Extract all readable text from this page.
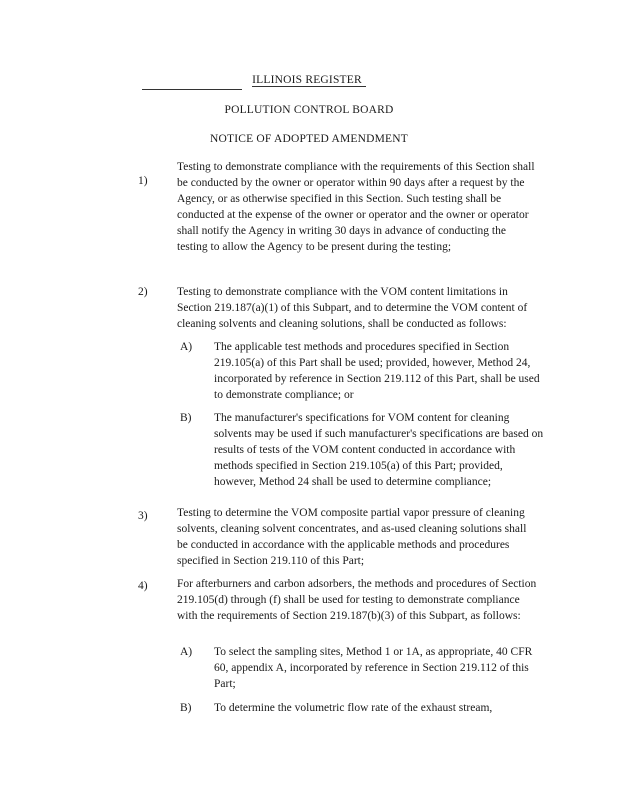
ILLINOIS REGISTER
POLLUTION CONTROL BOARD
NOTICE OF ADOPTED AMENDMENT
1)
Testing to demonstrate compliance with the requirements of this Section shall be conducted by the owner or operator within 90 days after a request by the Agency, or as otherwise specified in this Section. Such testing shall be conducted at the expense of the owner or operator and the owner or operator shall notify the Agency in writing 30 days in advance of conducting the testing to allow the Agency to be present during the testing;
2)	Testing to demonstrate compliance with the VOM content limitations in Section 219.187(a)(1) of this Subpart, and to determine the VOM content of cleaning solvents and cleaning solutions, shall be conducted as follows:
A)	The applicable test methods and procedures specified in Section 219.105(a) of this Part shall be used; provided, however, Method 24, incorporated by reference in Section 219.112 of this Part, shall be used to demonstrate compliance; or
B)	The manufacturer's specifications for VOM content for cleaning solvents may be used if such manufacturer's specifications are based on results of tests of the VOM content conducted in accordance with methods specified in Section 219.105(a) of this Part; provided, however, Method 24 shall be used to determine compliance;
3)	Testing to determine the VOM composite partial vapor pressure of cleaning solvents, cleaning solvent concentrates, and as-used cleaning solutions shall be conducted in accordance with the applicable methods and procedures specified in Section 219.110 of this Part;
4)	For afterburners and carbon adsorbers, the methods and procedures of Section 219.105(d) through (f) shall be used for testing to demonstrate compliance with the requirements of Section 219.187(b)(3) of this Subpart, as follows:
A)	To select the sampling sites, Method 1 or 1A, as appropriate, 40 CFR 60, appendix A, incorporated by reference in Section 219.112 of this Part;
B)	To determine the volumetric flow rate of the exhaust stream,
